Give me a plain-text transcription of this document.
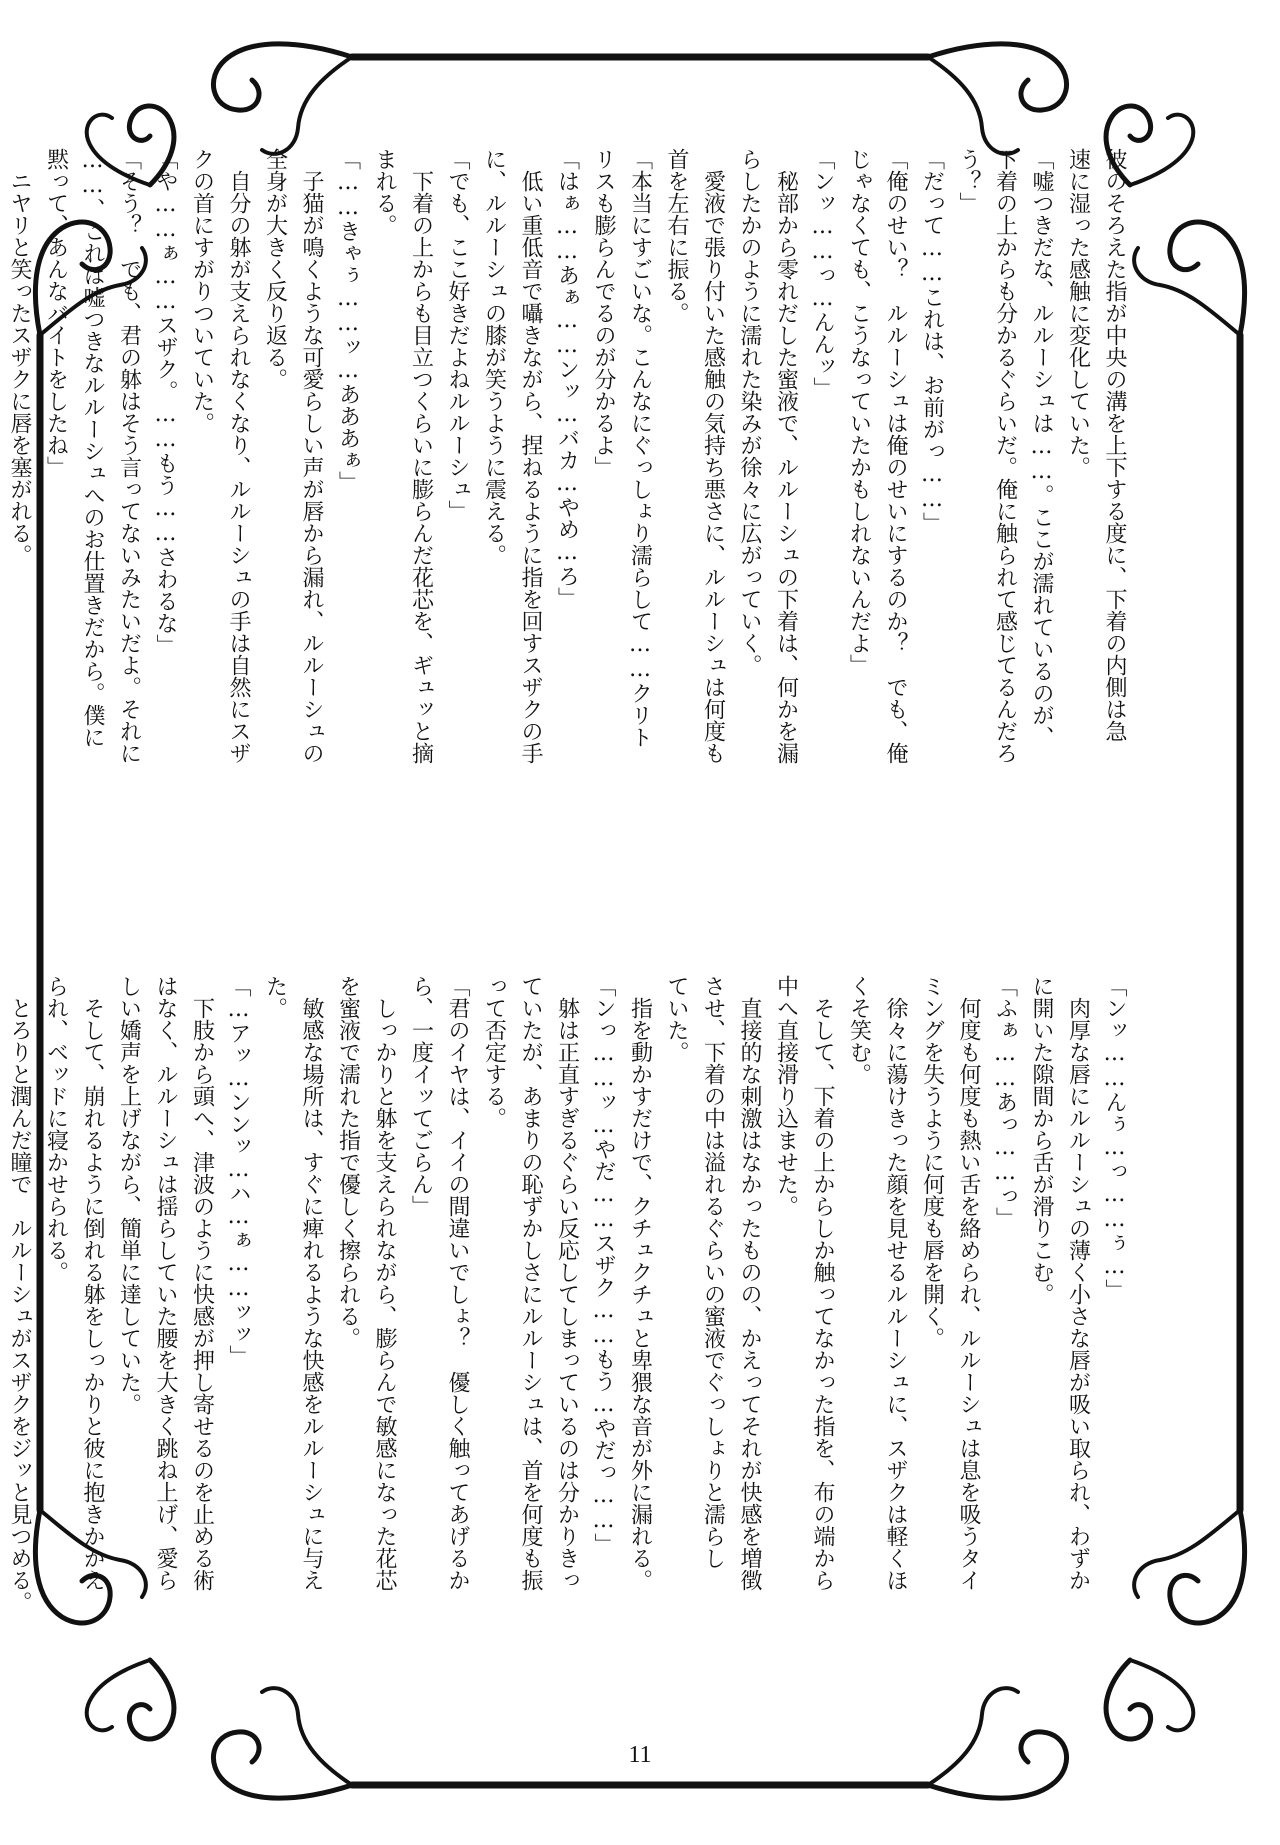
彼のそろえた指が中央の溝を上下する度に、下着の内側は急
速に湿った感触に変化していた。
「嘘つきだな、ルルーシュは……。ここが濡れているのが、
下着の上からも分かるぐらいだ。俺に触られて感じてるんだろ
う？」
「だって……これは、お前がっ……」
「俺のせい？　ルルーシュは俺のせいにするのか？　でも、俺
じゃなくても、こうなっていたかもしれないんだよ」
「ンッ……っ…んんッ」
　秘部から零れだした蜜液で、ルルーシュの下着は、何かを漏
らしたかのように濡れた染みが徐々に広がっていく。
　愛液で張り付いた感触の気持ち悪さに、ルルーシュは何度も
首を左右に振る。
「本当にすごいな。こんなにぐっしょり濡らして……クリト
リスも膨らんでるのが分かるよ」
「はぁ……あぁ……ンッ…バカ…やめ…ろ」
　低い重低音で囁きながら、捏ねるように指を回すスザクの手
に、ルルーシュの膝が笑うように震える。
「でも、ここ好きだよねルルーシュ」
　下着の上からも目立つくらいに膨らんだ花芯を、ギュッと摘
まれる。
「……きゃぅ……ッ…あああぁ」
　子猫が鳴くような可愛らしい声が唇から漏れ、ルルーシュの
全身が大きく反り返る。
　自分の躰が支えられなくなり、ルルーシュの手は自然にスザ
クの首にすがりついていた。
「や……ぁ……スザク。……もう……さわるな」
「そう？　でも、君の躰はそう言ってないみたいだよ。それに
……、これは嘘つきなルルーシュへのお仕置きだから。僕に
黙って、あんなバイトをしたね」
　ニヤリと笑ったスザクに唇を塞がれる。
「ンッ……んぅ…っ……ぅ…」
　肉厚な唇にルルーシュの薄く小さな唇が吸い取られ、わずか
に開いた隙間から舌が滑りこむ。
「ふぁ……あっ……っ」
　何度も何度も熱い舌を絡められ、ルルーシュは息を吸うタイ
ミングを失うように何度も唇を開く。
　徐々に蕩けきった顔を見せるルルーシュに、スザクは軽くほ
くそ笑む。
　そして、下着の上からしか触ってなかった指を、布の端から
中へ直接滑り込ませた。
　直接的な刺激はなかったものの、かえってそれが快感を増徴
させ、下着の中は溢れるぐらいの蜜液でぐっしょりと濡らし
ていた。
　指を動かすだけで、クチュクチュと卑猥な音が外に漏れる。
「ンっ……ッ…やだ……スザク……もう…やだっ……」
　躰は正直すぎるぐらい反応してしまっているのは分かりきっ
ていたが、あまりの恥ずかしさにルルーシュは、首を何度も振
って否定する。
「君のイヤは、イイの間違いでしょ？　優しく触ってあげるか
ら、一度イッてごらん」
　しっかりと躰を支えられながら、膨らんで敏感になった花芯
を蜜液で濡れた指で優しく擦られる。
　敏感な場所は、すぐに痺れるような快感をルルーシュに与え
た。
「…アッ…ンンッ…ハ…ぁ……ッッ」
　下肢から頭へ、津波のように快感が押し寄せるのを止める術
はなく、ルルーシュは揺らしていた腰を大きく跳ね上げ、愛ら
しい嬌声を上げながら、簡単に達していた。
　そして、崩れるように倒れる躰をしっかりと彼に抱きかかえ
られ、ベッドに寝かせられる。
　とろりと潤んだ瞳で　ルルーシュがスザクをジッと見つめる。
11
